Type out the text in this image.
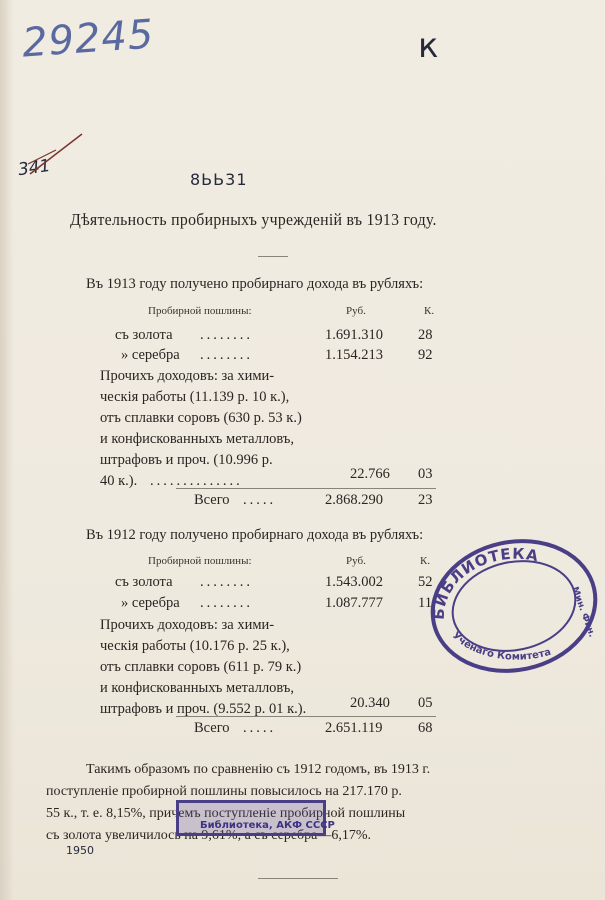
29245	к
341	8ЬЬ31
Дѣятельность пробирныхъ учрежденій въ 1913 году.
Въ 1913 году получено пробирнаго дохода въ рубляхъ:
Пробирной пошлины:	Руб.	К.
съ золота ........	1.691.310 28
» серебра ........	1.154.213 92
Прочихъ доходовъ: за хими-
ческія работы (11.139 р. 10 к.),
отъ сплавки соровъ (630 р. 53 к.)
и конфискованныхъ металловъ,
штрафовъ и проч. (10.996 р.
40 к.). ..............	22.766 03
Всего .....	2.868.290 23
Въ 1912 году получено пробирнаго дохода въ рубляхъ:
Пробирной пошлины:	Руб.	К.
съ золота ........	1.543.002 52
» серебра ........	1.087.777 11
Прочихъ доходовъ: за хими-
ческія работы (10.176 р. 25 к.),
отъ сплавки соровъ (611 р. 79 к.)
и конфискованныхъ металловъ,
штрафовъ и проч. (9.552 р. 01 к.).	20.340 05
Всего .....	2.651.119 68
Такимъ образомъ по сравненію съ 1912 годомъ, въ 1913 г.
поступленіе пробирной пошлины повысилось на 217.170 р.
55 к., т. е. 8,15%, причемъ поступленіе пробирной пошлины
съ золота увеличилось на 9,61%, а съ серебра—6,17%.
БИБЛИОТЕКА
Ученаго Комитета
Мин. Фин.
Библиотека, АКФ СССР
1950
